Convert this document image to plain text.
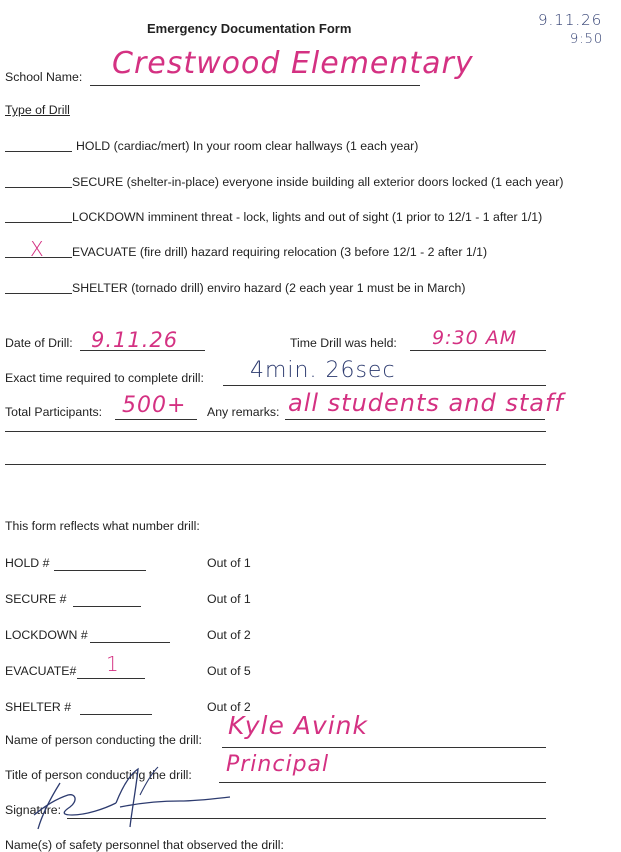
9.11.26
9:50
Emergency Documentation Form
School Name: Crestwood Elementary
Type of Drill
HOLD (cardiac/mert) In your room clear hallways (1 each year)
SECURE (shelter-in-place) everyone inside building all exterior doors locked (1 each year)
LOCKDOWN imminent threat - lock, lights and out of sight (1 prior to 12/1 - 1 after 1/1)
X EVACUATE (fire drill) hazard requiring relocation (3 before 12/1 - 2 after 1/1)
SHELTER (tornado drill) enviro hazard (2 each year 1 must be in March)
Date of Drill: 9.11.26	Time Drill was held: 9:30 AM
Exact time required to complete drill: 4min. 26sec
Total Participants: 500+ Any remarks: all students and staff
This form reflects what number drill:
HOLD #	Out of 1
SECURE #	Out of 1
LOCKDOWN #	Out of 2
EVACUATE# 1	Out of 5
SHELTER #	Out of 2
Name of person conducting the drill: Kyle Avink
Title of person conducting the drill: Principal
Signature:
Name(s) of safety personnel that observed the drill:
